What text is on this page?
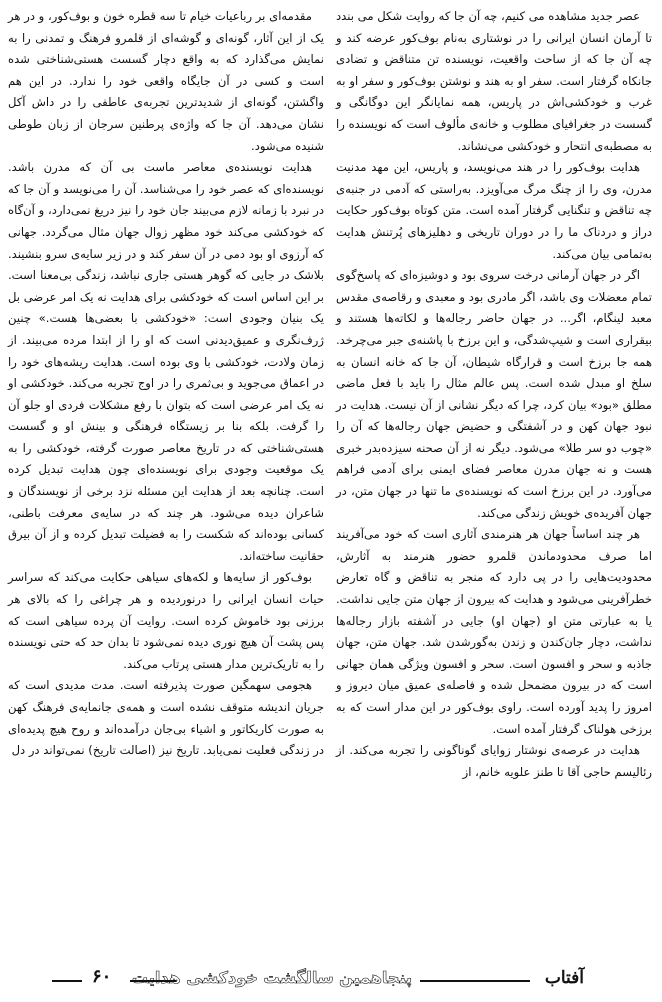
عصر جدید مشاهده می کنیم، چه آن جا که روایت شکل می بندد تا آرمان انسان ایرانی را در نوشتاری به‌نام بوف‌کور عرضه کند و چه آن جا که از ساحت واقعیت، نویسنده تن متناقض و تضادی جانکاه گرفتار است. سفر او به هند و نوشتن بوف‌کور و سفر او به غرب و خودکشی‌اش در پاریس، همه نمایانگر این دوگانگی و گسست در جغرافیای مطلوب و خانه‌ی مألوف است که نویسنده را به مصطبه‌ی انتحار و خودکشی می‌نشاند.

هدایت بوف‌کور را در هند می‌نویسد، و پاریس، این مهد مدنیت مدرن، وی را از چنگ مرگ می‌آویزد. به‌راستی که آدمی در جنبه‌ی چه تناقض و تنگنایی گرفتار آمده است. متن کوتاه بوف‌کور حکایت دراز و دردناک ما را در دوران تاریخی و دهلیزهای پُرتنش هدایت به‌تمامی بیان می‌کند.

اگر در جهان آرمانی درخت سروی بود و دوشیزه‌ای که پاسخ‌گوی تمام معضلات وی باشد، اگر مادری بود و معبدی و رقاصه‌ی مقدس معبد لینگام، اگر... در جهان حاضر رجاله‌ها و لکاته‌ها هستند و بیقراری است و شیپ‌شدگی، و این برزخ با پاشنه‌ی جبر می‌چرخد. همه جا برزخ است و قرارگاه شیطان، آن جا که خانه انسان به سلخ او مبدل شده است. پس عالم مثال را باید با فعل ماضی مطلق «بود» بیان کرد، چرا که دیگر نشانی از آن نیست. هدایت در نبود جهان کهن و در آشفتگی و حضیض جهان رجاله‌ها که آن را «چوب دو سر طلا» می‌شود. دیگر نه از آن صحنه سیزده‌بدر خبری هست و نه جهان مدرن معاصر فضای ایمنی برای آدمی فراهم می‌آورد. در این برزخ است که نویسنده‌ی ما تنها در جهان متن، در جهان آفریده‌ی خویش زندگی می‌کند.

هر چند اساساً جهان هر هنرمندی آثاری است که خود می‌آفریند اما صرف محدودماندن قلمرو حضور هنرمند به آثارش، محدودیت‌هایی را در پی دارد که منجر به تناقض و گاه تعارض خطرآفرینی می‌شود و هدایت که بیرون از جهان متن جایی نداشت. یا به عبارتی متن او (جهان او) جایی در آشفته بازار رجاله‌ها نداشت، دچار جان‌کندن و زندن به‌گورشدن شد. جهان متن، جهان جاذبه و سحر و افسون است. سحر و افسون ویژگی همان جهانی است که در بیرون مضمحل شده و فاصله‌ی عمیق میان دیروز و امروز را پدید آورده است. راوی بوف‌کور در این مدار است که به برزخی هولناک گرفتار آمده است.

هدایت در عرصه‌ی نوشتار زوایای گوناگونی را تجربه می‌کند. از رئالیسم حاجی آقا تا طنز علویه خانم، از

مقدمه‌ای بر رباعیات خیام تا سه قطره خون و بوف‌کور، و در هر یک از این آثار، گونه‌ای و گوشه‌ای از قلمرو فرهنگ و تمدنی را به نمایش می‌گذارد که به واقع دچار گسست هستی‌شناختی شده است و کسی در آن جایگاه واقعی خود را ندارد. در این هم واگشتن، گونه‌ای از شدیدترین تجربه‌ی عاطفی را در داش آکل نشان می‌دهد. آن جا که واژه‌ی پرطنین سرجان از زبان طوطی شنیده می‌شود.

هدایت نویسنده‌ی معاصر ماست بی آن که مدرن باشد. نویسنده‌ای که عصر خود را می‌شناسد. آن را می‌نویسد و آن جا که در نبرد با زمانه لازم می‌بیند جان خود را نیز دریغ نمی‌دارد، و آن‌گاه که خودکشی می‌کند خود مظهر زوال جهان مثال می‌گردد. جهانی که آرزوی او بود دمی در آن سفر کند و در زیر سایه‌ی سرو بنشیند. بلاشک در جایی که گوهر هستی جاری نباشد، زندگی بی‌معنا است. بر این اساس است که خودکشی برای هدایت نه یک امر عرضی بل یک بنیان وجودی است: «خودکشی با بعضی‌ها هست.» چنین ژرف‌نگری و عمیق‌دیدنی است که او را از ابتدا مرده می‌بیند. از زمان ولادت، خودکشی با وی بوده است. هدایت ریشه‌های خود را در اعماق می‌جوید و بی‌ثمری را در اوج تجربه می‌کند. خودکشی او نه یک امر عرضی است که بتوان با رفع مشکلات فردی او جلو آن را گرفت. بلکه بنا بر زیستگاه فرهنگی و بینش او و گسست هستی‌شناختی که در تاریخ معاصر صورت گرفته، خودکشی را به یک موقعیت وجودی برای نویسنده‌ای چون هدایت تبدیل کرده است. چنانچه بعد از هدایت این مسئله نزد برخی از نویسندگان و شاعران دیده می‌شود. هر چند که در سایه‌ی معرفت باطنی، کسانی بوده‌اند که شکست را به فضیلت تبدیل کرده و از آن بیرق حقانیت ساخته‌اند.

بوف‌کور از سایه‌ها و لکه‌های سیاهی حکایت می‌کند که سراسر حیات انسان ایرانی را درنوردیده و هر چراغی را که بالای هر برزنی بود خاموش کرده است. روایت آن پرده سیاهی است که پس پشت آن هیچ نوری دیده نمی‌شود تا بدان حد که حتی نویسنده را به تاریک‌ترین مدار هستی پرتاب می‌کند.

هجومی سهمگین صورت پذیرفته است. مدت مدیدی است که جریان اندیشه متوقف نشده است و همه‌ی جانمایه‌ی فرهنگ کهن به صورت کاریکاتور و اشیاء بی‌جان درآمده‌اند و روح هیچ پدیده‌ای در زندگی فعلیت نمی‌یابد. تاریخ نیز (اصالت تاریخ) نمی‌تواند در دل

آفتاب
پنجاهمین سالگشت خودکشی هدایت
۶۰
